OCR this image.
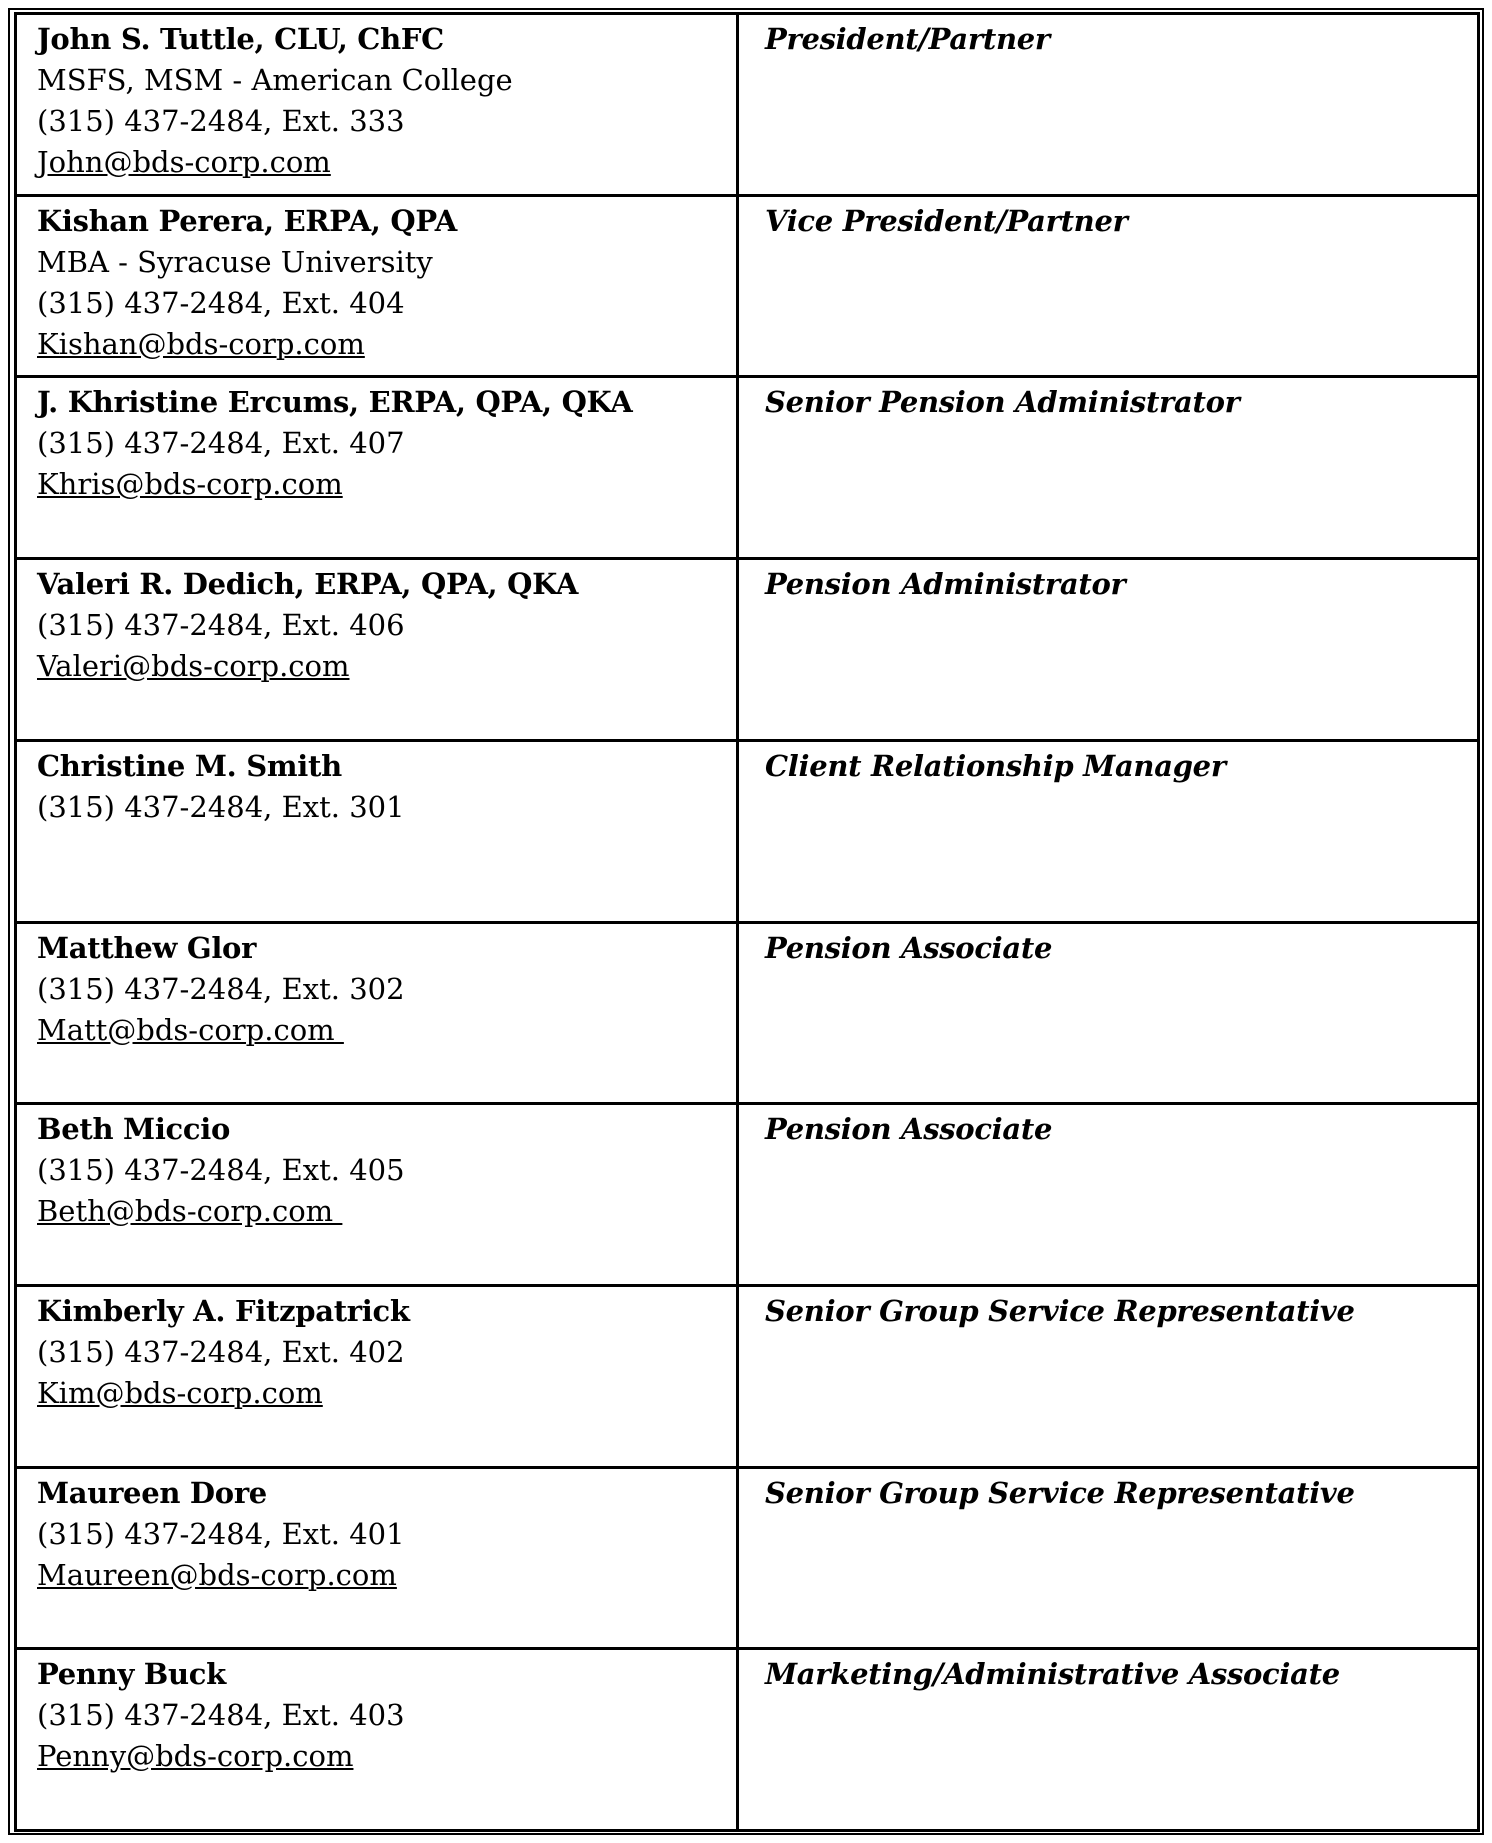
John S. Tuttle, CLU, ChFC
MSFS, MSM - American College
(315) 437-2484, Ext. 333
John@bds-corp.com
President/Partner
Kishan Perera, ERPA, QPA
MBA - Syracuse University
(315) 437-2484, Ext. 404
Kishan@bds-corp.com
Vice President/Partner
J. Khristine Ercums, ERPA, QPA, QKA
(315) 437-2484, Ext. 407
Khris@bds-corp.com
Senior Pension Administrator
Valeri R. Dedich, ERPA, QPA, QKA
(315) 437-2484, Ext. 406
Valeri@bds-corp.com
Pension Administrator
Christine M. Smith
(315) 437-2484, Ext. 301
Client Relationship Manager
Matthew Glor
(315) 437-2484, Ext. 302
Matt@bds-corp.com
Pension Associate
Beth Miccio
(315) 437-2484, Ext. 405
Beth@bds-corp.com
Pension Associate
Kimberly A. Fitzpatrick
(315) 437-2484, Ext. 402
Kim@bds-corp.com
Senior Group Service Representative
Maureen Dore
(315) 437-2484, Ext. 401
Maureen@bds-corp.com
Senior Group Service Representative
Penny Buck
(315) 437-2484, Ext. 403
Penny@bds-corp.com
Marketing/Administrative Associate
